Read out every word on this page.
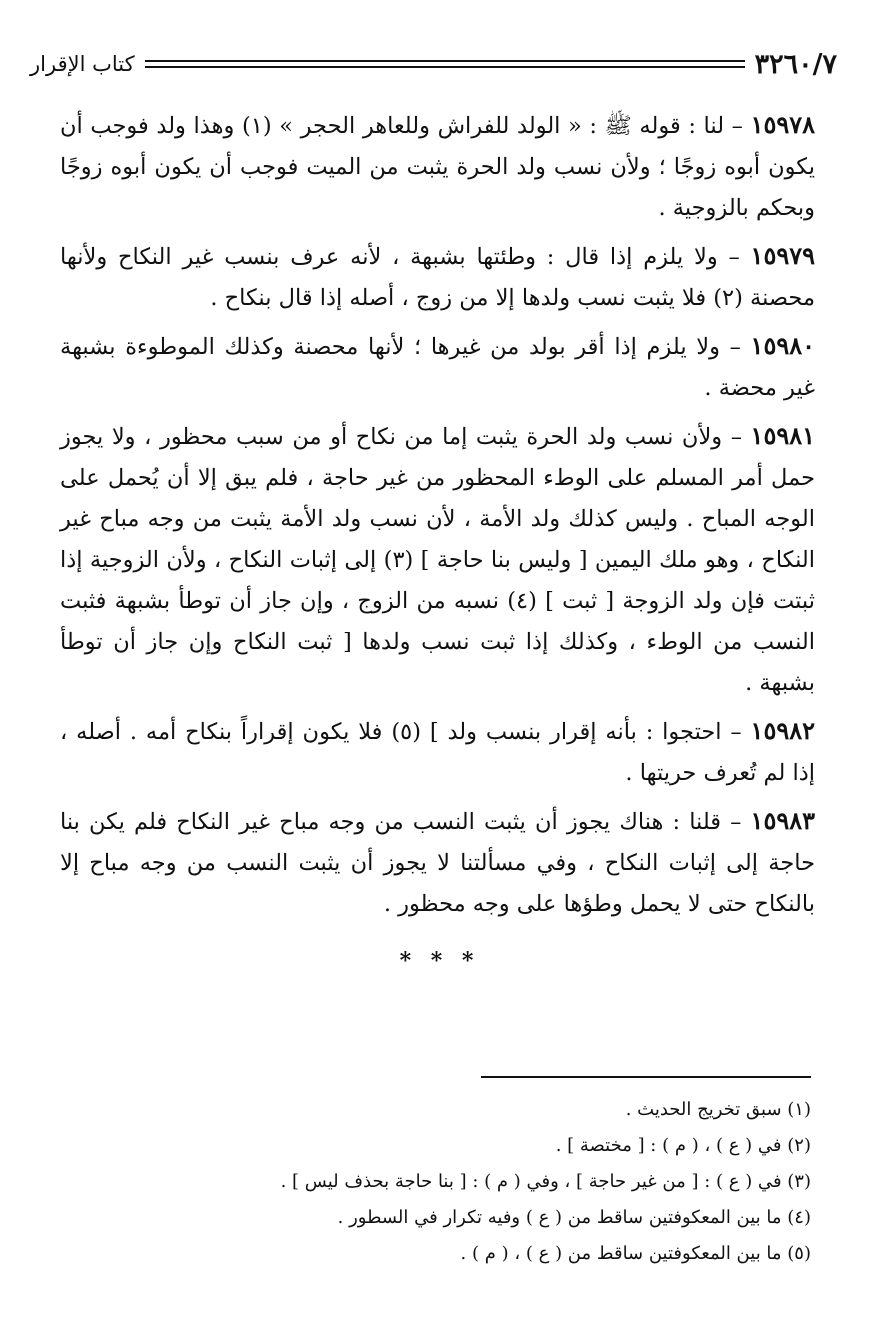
٣٢٦٠/٧
كتاب الإقرار

١٥٩٧٨ – لنا : قوله ﷺ : « الولد للفراش وللعاهر الحجر » (١) وهذا ولد فوجب أن يكون أبوه زوجًا ؛ ولأن نسب ولد الحرة يثبت من الميت فوجب أن يكون أبوه زوجًا وبحكم بالزوجية .

١٥٩٧٩ – ولا يلزم إذا قال : وطئتها بشبهة ، لأنه عرف بنسب غير النكاح ولأنها محصنة (٢) فلا يثبت نسب ولدها إلا من زوج ، أصله إذا قال بنكاح .

١٥٩٨٠ – ولا يلزم إذا أقر بولد من غيرها ؛ لأنها محصنة وكذلك الموطوءة بشبهة غير محضة .

١٥٩٨١ – ولأن نسب ولد الحرة يثبت إما من نكاح أو من سبب محظور ، ولا يجوز حمل أمر المسلم على الوطء المحظور من غير حاجة ، فلم يبق إلا أن يُحمل على الوجه المباح . وليس كذلك ولد الأمة ، لأن نسب ولد الأمة يثبت من وجه مباح غير النكاح ، وهو ملك اليمين [ وليس بنا حاجة ] (٣) إلى إثبات النكاح ، ولأن الزوجية إذا ثبتت فإن ولد الزوجة [ ثبت ] (٤) نسبه من الزوج ، وإن جاز أن توطأ بشبهة فثبت النسب من الوطء ، وكذلك إذا ثبت نسب ولدها [ ثبت النكاح وإن جاز أن توطأ بشبهة .

١٥٩٨٢ – احتجوا : بأنه إقرار بنسب ولد ] (٥) فلا يكون إقراراً بنكاح أمه . أصله ، إذا لم تُعرف حريتها .

١٥٩٨٣ – قلنا : هناك يجوز أن يثبت النسب من وجه مباح غير النكاح فلم يكن بنا حاجة إلى إثبات النكاح ، وفي مسألتنا لا يجوز أن يثبت النسب من وجه مباح إلا بالنكاح حتى لا يحمل وطؤها على وجه محظور .

* * *
(١) سبق تخريج الحديث .
(٢) في ( ع ) ، ( م ) : [ مختصة ] .
(٣) في ( ع ) : [ من غير حاجة ] ، وفي ( م ) : [ بنا حاجة بحذف ليس ] .
(٤) ما بين المعكوفتين ساقط من ( ع ) وفيه تكرار في السطور .
(٥) ما بين المعكوفتين ساقط من ( ع ) ، ( م ) .
